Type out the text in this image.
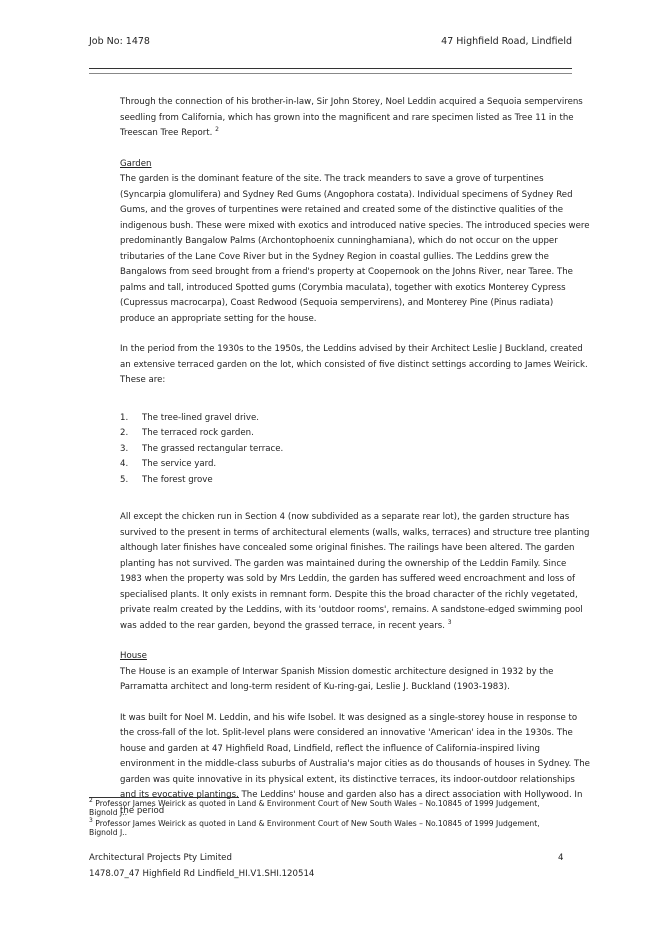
Job No: 1478	47 Highfield Road, Lindfield

Through the connection of his brother-in-law, Sir John Storey, Noel Leddin acquired a Sequoia sempervirens seedling from California, which has grown into the magnificent and rare specimen listed as Tree 11 in the Treescan Tree Report. $^2$

Garden

The garden is the dominant feature of the site. The track meanders to save a grove of turpentines (Syncarpia glomulifera) and Sydney Red Gums (Angophora costata). Individual specimens of Sydney Red Gums, and the groves of turpentines were retained and created some of the distinctive qualities of the indigenous bush. These were mixed with exotics and introduced native species. The introduced species were predominantly Bangalow Palms (Archontophoenix cunninghamiana), which do not occur on the upper tributaries of the Lane Cove River but in the Sydney Region in coastal gullies. The Leddins grew the Bangalows from seed brought from a friend's property at Coopernook on the Johns River, near Taree. The palms and tall, introduced Spotted gums (Corymbia maculata), together with exotics Monterey Cypress (Cupressus macrocarpa), Coast Redwood (Sequoia sempervirens), and Monterey Pine (Pinus radiata) produce an appropriate setting for the house.

In the period from the 1930s to the 1950s, the Leddins advised by their Architect Leslie J Buckland, created an extensive terraced garden on the lot, which consisted of five distinct settings according to James Weirick. These are:

1.	The tree-lined gravel drive.
2.	The terraced rock garden.
3.	The grassed rectangular terrace.
4.	The service yard.
5.	The forest grove

All except the chicken run in Section 4 (now subdivided as a separate rear lot), the garden structure has survived to the present in terms of architectural elements (walls, walks, terraces) and structure tree planting although later finishes have concealed some original finishes. The railings have been altered. The garden planting has not survived. The garden was maintained during the ownership of the Leddin Family. Since 1983 when the property was sold by Mrs Leddin, the garden has suffered weed encroachment and loss of specialised plants. It only exists in remnant form. Despite this the broad character of the richly vegetated, private realm created by the Leddins, with its 'outdoor rooms', remains. A sandstone-edged swimming pool was added to the rear garden, beyond the grassed terrace, in recent years. $^3$

House

The House is an example of Interwar Spanish Mission domestic architecture designed in 1932 by the Parramatta architect and long-term resident of Ku-ring-gai, Leslie J. Buckland (1903-1983).

It was built for Noel M. Leddin, and his wife Isobel. It was designed as a single-storey house in response to the cross-fall of the lot. Split-level plans were considered an innovative 'American' idea in the 1930s. The house and garden at 47 Highfield Road, Lindfield, reflect the influence of California-inspired living environment in the middle-class suburbs of Australia's major cities as do thousands of houses in Sydney. The garden was quite innovative in its physical extent, its distinctive terraces, its indoor-outdoor relationships and its evocative plantings. The Leddins' house and garden also has a direct association with Hollywood. In the period

$^2$ Professor James Weirick as quoted in Land & Environment Court of New South Wales – No.10845 of 1999 Judgement, Bignold J..

$^3$ Professor James Weirick as quoted in Land & Environment Court of New South Wales – No.10845 of 1999 Judgement, Bignold J..

Architectural Projects Pty Limited	4
1478.07_47 Highfield Rd Lindfield_HI.V1.SHI.120514
